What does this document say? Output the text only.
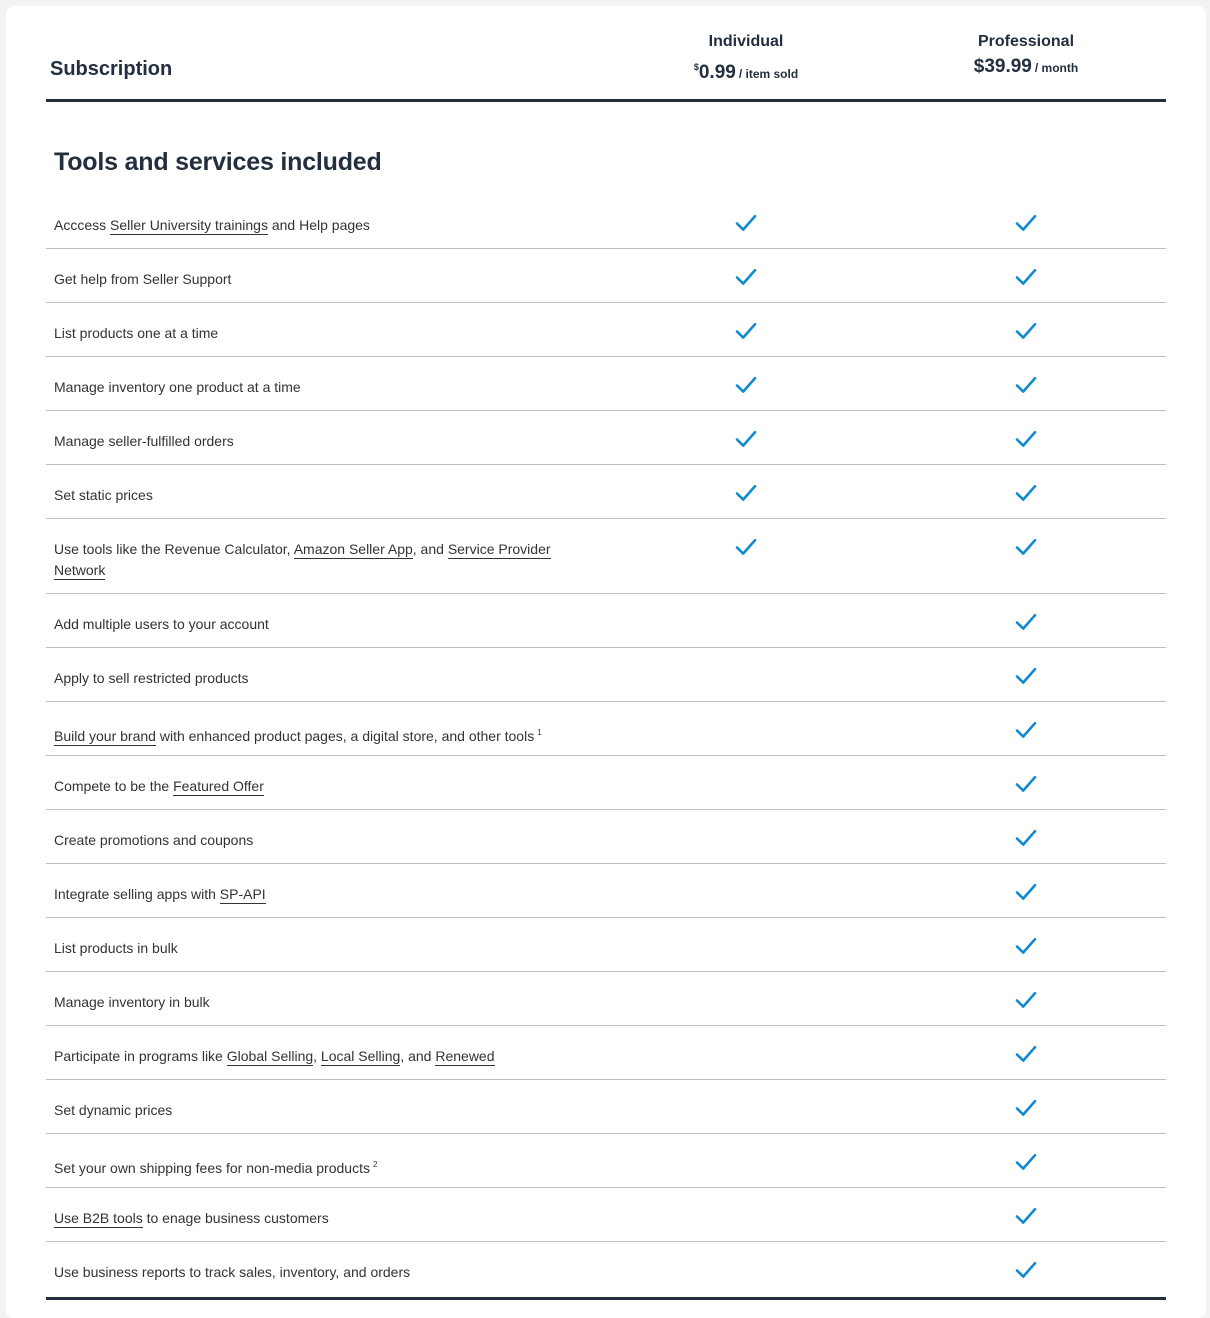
Subscription
Individual
$0.99 / item sold
Professional
$39.99 / month
Tools and services included
Acccess Seller University trainings and Help pages
Get help from Seller Support
List products one at a time
Manage inventory one product at a time
Manage seller-fulfilled orders
Set static prices
Use tools like the Revenue Calculator, Amazon Seller App, and Service Provider Network
Add multiple users to your account
Apply to sell restricted products
Build your brand with enhanced product pages, a digital store, and other tools $^1$
Compete to be the Featured Offer
Create promotions and coupons
Integrate selling apps with SP-API
List products in bulk
Manage inventory in bulk
Participate in programs like Global Selling, Local Selling, and Renewed
Set dynamic prices
Set your own shipping fees for non-media products $^2$
Use B2B tools to enage business customers
Use business reports to track sales, inventory, and orders
